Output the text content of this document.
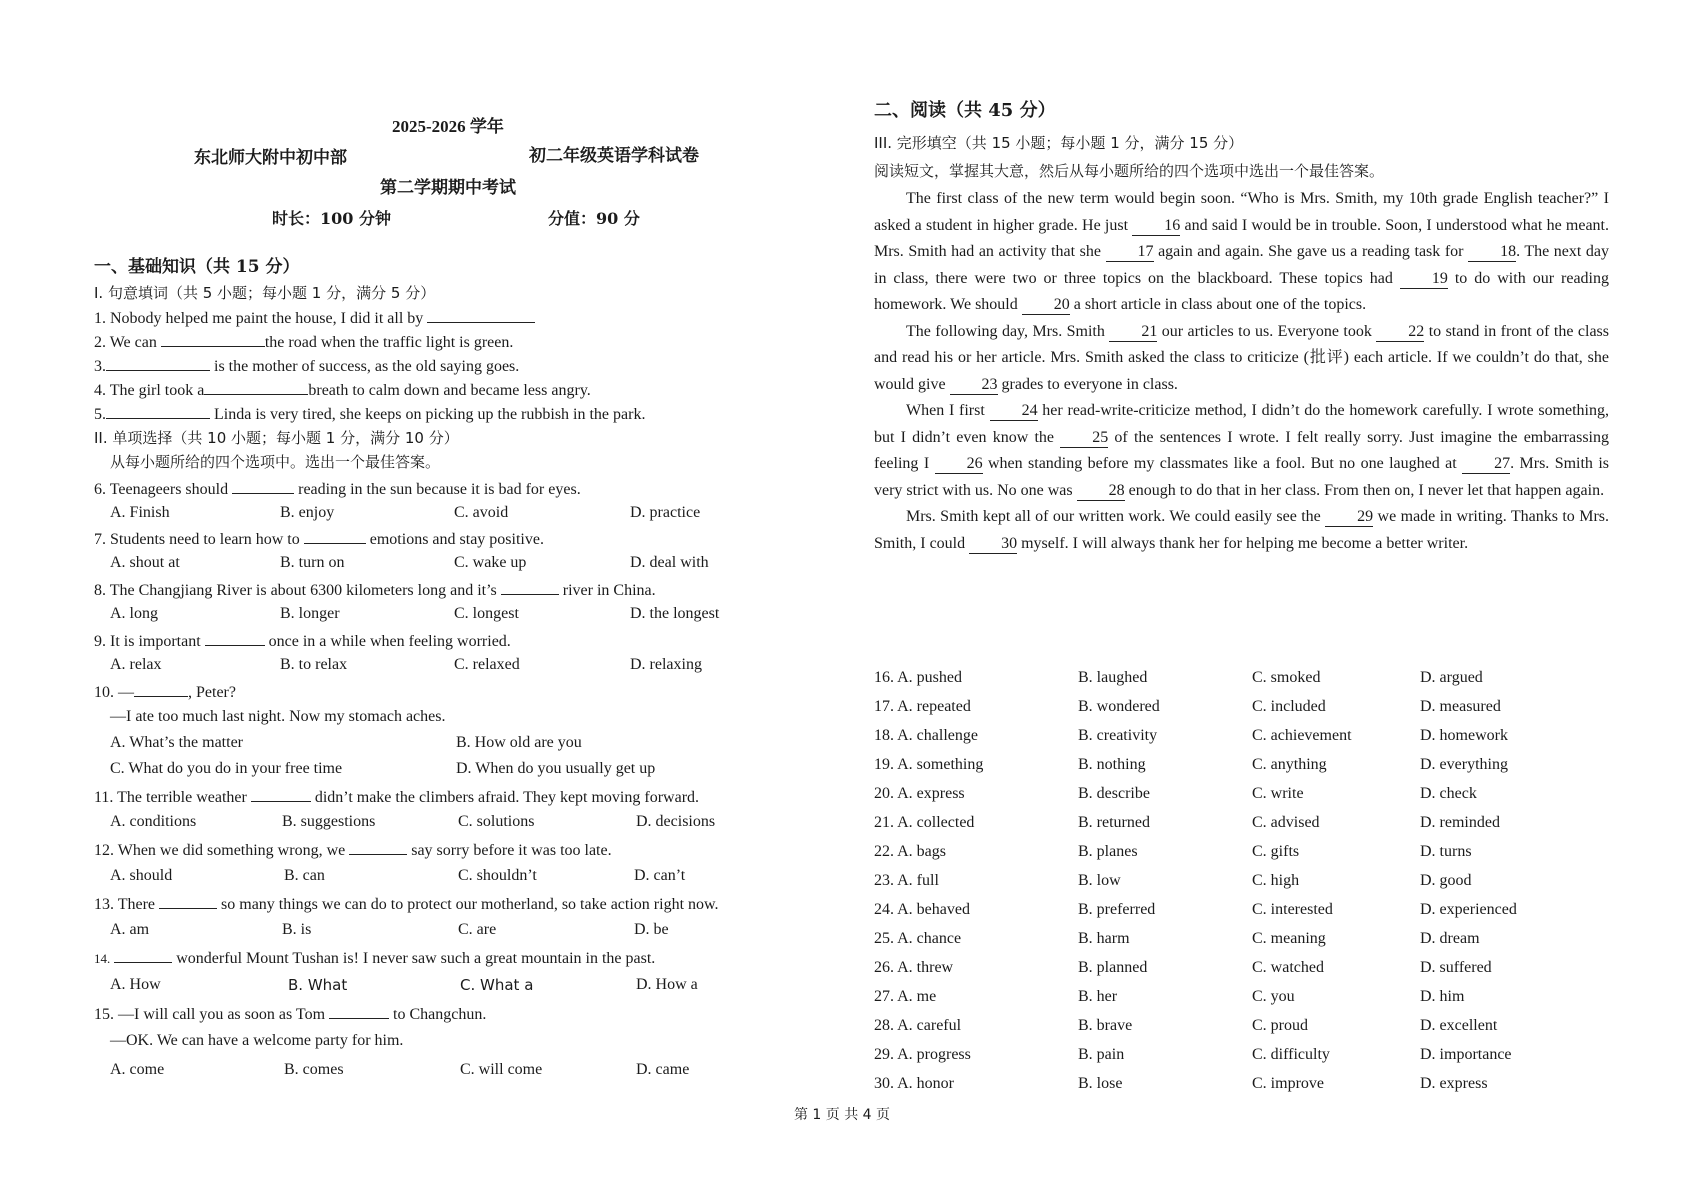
2025-2026 学年
东北师大附中初中部	初二年级英语学科试卷
第二学期期中考试
时长：100 分钟	分值：90 分
一、基础知识（共 15 分）
I. 句意填词（共 5 小题；每小题 1 分，满分 5 分）
1. Nobody helped me paint the house, I did it all by
2. We can	the road when the traffic light is green.
3.	is the mother of success, as the old saying goes.
4. The girl took a	breath to calm down and became less angry.
5.	Linda is very tired, she keeps on picking up the rubbish in the park.
II. 单项选择（共 10 小题；每小题 1 分，满分 10 分）
从每小题所给的四个选项中。选出一个最佳答案。
6. Teenageers should	reading in the sun because it is bad for eyes.
A. Finish	B. enjoy	C. avoid	D. practice
7. Students need to learn how to	emotions and stay positive.
A. shout at	B. turn on	C. wake up	D. deal with
8. The Changjiang River is about 6300 kilometers long and it’s	river in China.
A. long	B. longer	C. longest	D. the longest
9. It is important	once in a while when feeling worried.
A. relax	B. to relax	C. relaxed	D. relaxing
10. —	, Peter?
—I ate too much last night. Now my stomach aches.
A. What’s the matter	B. How old are you
C. What do you do in your free time	D. When do you usually get up
11. The terrible weather	didn’t make the climbers afraid. They kept moving forward.
A. conditions	B. suggestions	C. solutions	D. decisions
12. When we did something wrong, we	say sorry before it was too late.
A. should	B. can	C. shouldn’t	D. can’t
13. There	so many things we can do to protect our motherland, so take action right now.
A. am	B. is	C. are	D. be
14.	wonderful Mount Tushan is! I never saw such a great mountain in the past.
A. How	B. What	C. What a	D. How a
15. —I will call you as soon as Tom	to Changchun.
—OK. We can have a welcome party for him.
A. come	B. comes	C. will come	D. came
二、阅读（共 45 分）
III. 完形填空（共 15 小题；每小题 1 分，满分 15 分）
阅读短文，掌握其大意，然后从每小题所给的四个选项中选出一个最佳答案。

The first class of the new term would begin soon. “Who is Mrs. Smith, my 10th grade English teacher?” I asked a student in higher grade. He just 16 and said I would be in trouble. Soon, I understood what he meant. Mrs. Smith had an activity that she 17 again and again. She gave us a reading task for 18. The next day in class, there were two or three topics on the blackboard. These topics had 19 to do with our reading homework. We should 20 a short article in class about one of the topics.

The following day, Mrs. Smith 21 our articles to us. Everyone took 22 to stand in front of the class and read his or her article. Mrs. Smith asked the class to criticize (批评) each article. If we couldn’t do that, she would give 23 grades to everyone in class.

When I first 24 her read-write-criticize method, I didn’t do the homework carefully. I wrote something, but I didn’t even know the 25 of the sentences I wrote. I felt really sorry. Just imagine the embarrassing feeling I 26 when standing before my classmates like a fool. But no one laughed at 27. Mrs. Smith is very strict with us. No one was 28 enough to do that in her class. From then on, I never let that happen again.

Mrs. Smith kept all of our written work. We could easily see the 29 we made in writing. Thanks to Mrs. Smith, I could 30 myself. I will always thank her for helping me become a better writer.

16. A. pushed	B. laughed	C. smoked	D. argued
17. A. repeated	B. wondered	C. included	D. measured
18. A. challenge	B. creativity	C. achievement	D. homework
19. A. something	B. nothing	C. anything	D. everything
20. A. express	B. describe	C. write	D. check
21. A. collected	B. returned	C. advised	D. reminded
22. A. bags	B. planes	C. gifts	D. turns
23. A. full	B. low	C. high	D. good
24. A. behaved	B. preferred	C. interested	D. experienced
25. A. chance	B. harm	C. meaning	D. dream
26. A. threw	B. planned	C. watched	D. suffered
27. A. me	B. her	C. you	D. him
28. A. careful	B. brave	C. proud	D. excellent
29. A. progress	B. pain	C. difficulty	D. importance
30. A. honor	B. lose	C. improve	D. express
第 1 页 共 4 页
